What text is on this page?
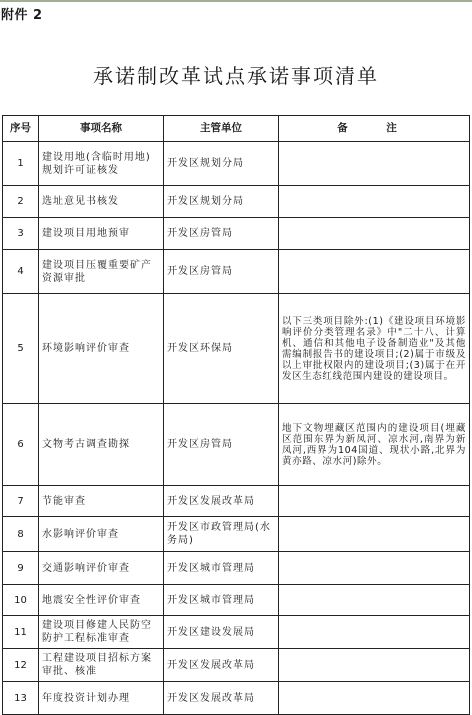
附件 2
承诺制改革试点承诺事项清单
序号	事项名称	主管单位	备　注
1	建设用地(含临时用地)规划许可证核发	开发区规划分局	
2	选址意见书核发	开发区规划分局	
3	建设项目用地预审	开发区房管局	
4	建设项目压覆重要矿产资源审批	开发区房管局	
5	环境影响评价审查	开发区环保局	以下三类项目除外:(1)《建设项目环境影响评价分类管理名录》中"二十八、计算机、通信和其他电子设备制造业"及其他需编制报告书的建设项目;(2)属于市级及以上审批权限内的建设项目;(3)属于在开发区生态红线范围内建设的建设项目。
6	文物考古调查勘探	开发区房管局	地下文物埋藏区范围内的建设项目(埋藏区范围东界为新凤河、凉水河,南界为新凤河,西界为104国道、现状小路,北界为黄亦路、凉水河)除外。
7	节能审查	开发区发展改革局	
8	水影响评价审查	开发区市政管理局(水务局)	
9	交通影响评价审查	开发区城市管理局	
10	地震安全性评价审查	开发区城市管理局	
11	建设项目修建人民防空防护工程标准审查	开发区建设发展局	
12	工程建设项目招标方案审批、核准	开发区发展改革局	
13	年度投资计划办理	开发区发展改革局	
